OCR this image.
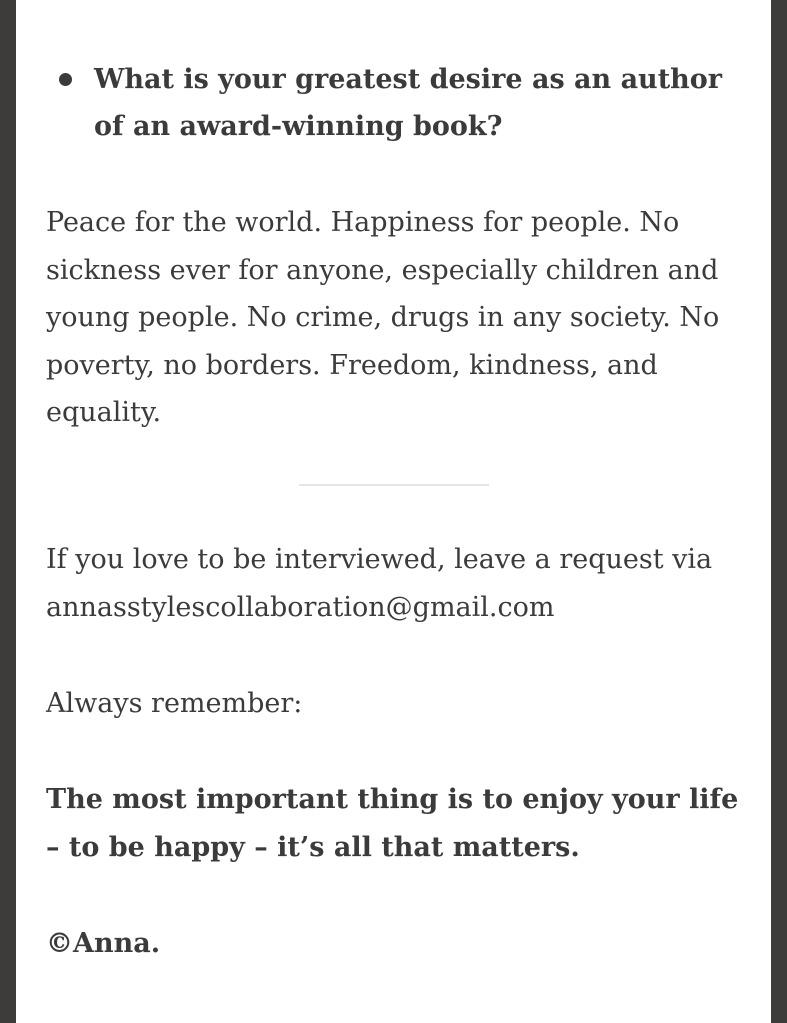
What is your greatest desire as an author of an award-winning book?

Peace for the world. Happiness for people. No sickness ever for anyone, especially children and young people. No crime, drugs in any society. No poverty, no borders. Freedom, kindness, and equality.

If you love to be interviewed, leave a request via
annasstylescollaboration@gmail.com

Always remember:

The most important thing is to enjoy your life – to be happy – it’s all that matters.

©Anna.
